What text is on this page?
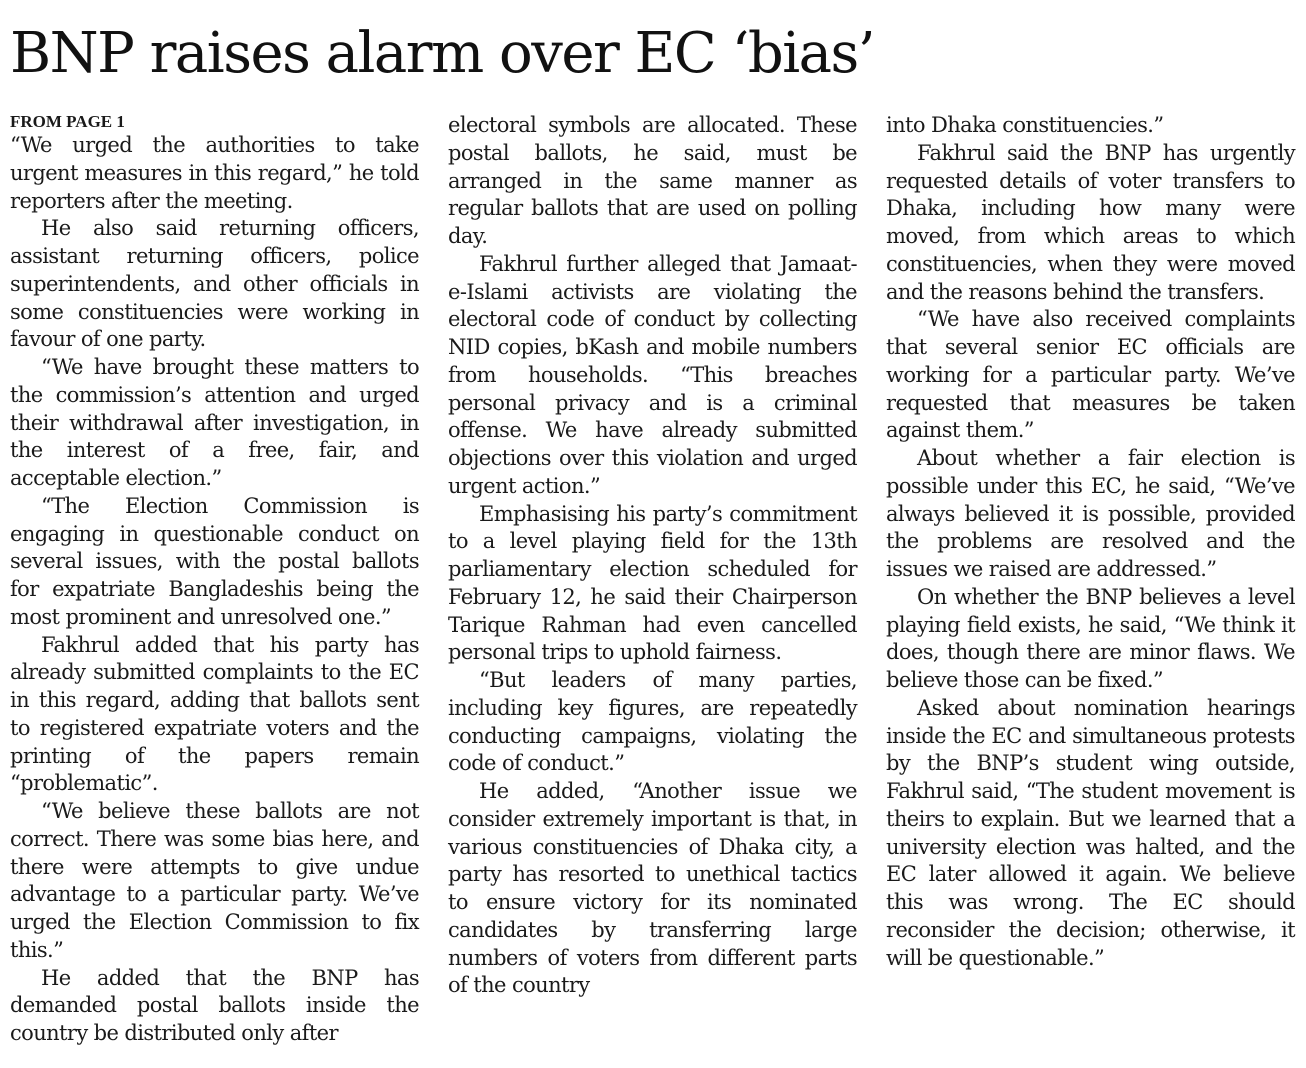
BNP raises alarm over EC ‘bias’
FROM PAGE 1

“We urged the authorities to take urgent measures in this regard,” he told reporters after the meeting.

He also said returning officers, assistant returning officers, police superintendents, and other officials in some constituencies were working in favour of one party.

“We have brought these matters to the commission’s attention and urged their withdrawal after investigation, in the interest of a free, fair, and acceptable election.”

“The Election Commission is engaging in questionable conduct on several issues, with the postal ballots for expatriate Bangladeshis being the most prominent and unresolved one.”

Fakhrul added that his party has already submitted complaints to the EC in this regard, adding that ballots sent to registered expatriate voters and the printing of the papers remain “problematic”.

“We believe these ballots are not correct. There was some bias here, and there were attempts to give undue advantage to a particular party. We’ve urged the Election Commission to fix this.”

He added that the BNP has demanded postal ballots inside the country be distributed only after

electoral symbols are allocated. These postal ballots, he said, must be arranged in the same manner as regular ballots that are used on polling day.

Fakhrul further alleged that Jamaat-e-Islami activists are violating the electoral code of conduct by collecting NID copies, bKash and mobile numbers from households. “This breaches personal privacy and is a criminal offense. We have already submitted objections over this violation and urged urgent action.”

Emphasising his party’s commitment to a level playing field for the 13th parliamentary election scheduled for February 12, he said their Chairperson Tarique Rahman had even cancelled personal trips to uphold fairness.

“But leaders of many parties, including key figures, are repeatedly conducting campaigns, violating the code of conduct.”

He added, “Another issue we consider extremely important is that, in various constituencies of Dhaka city, a party has resorted to unethical tactics to ensure victory for its nominated candidates by transferring large numbers of voters from different parts of the country

into Dhaka constituencies.”

Fakhrul said the BNP has urgently requested details of voter transfers to Dhaka, including how many were moved, from which areas to which constituencies, when they were moved and the reasons behind the transfers.

“We have also received complaints that several senior EC officials are working for a particular party. We’ve requested that measures be taken against them.”

About whether a fair election is possible under this EC, he said, “We’ve always believed it is possible, provided the problems are resolved and the issues we raised are addressed.”

On whether the BNP believes a level playing field exists, he said, “We think it does, though there are minor flaws. We believe those can be fixed.”

Asked about nomination hearings inside the EC and simultaneous protests by the BNP’s student wing outside, Fakhrul said, “The student movement is theirs to explain. But we learned that a university election was halted, and the EC later allowed it again. We believe this was wrong. The EC should reconsider the decision; otherwise, it will be questionable.”
